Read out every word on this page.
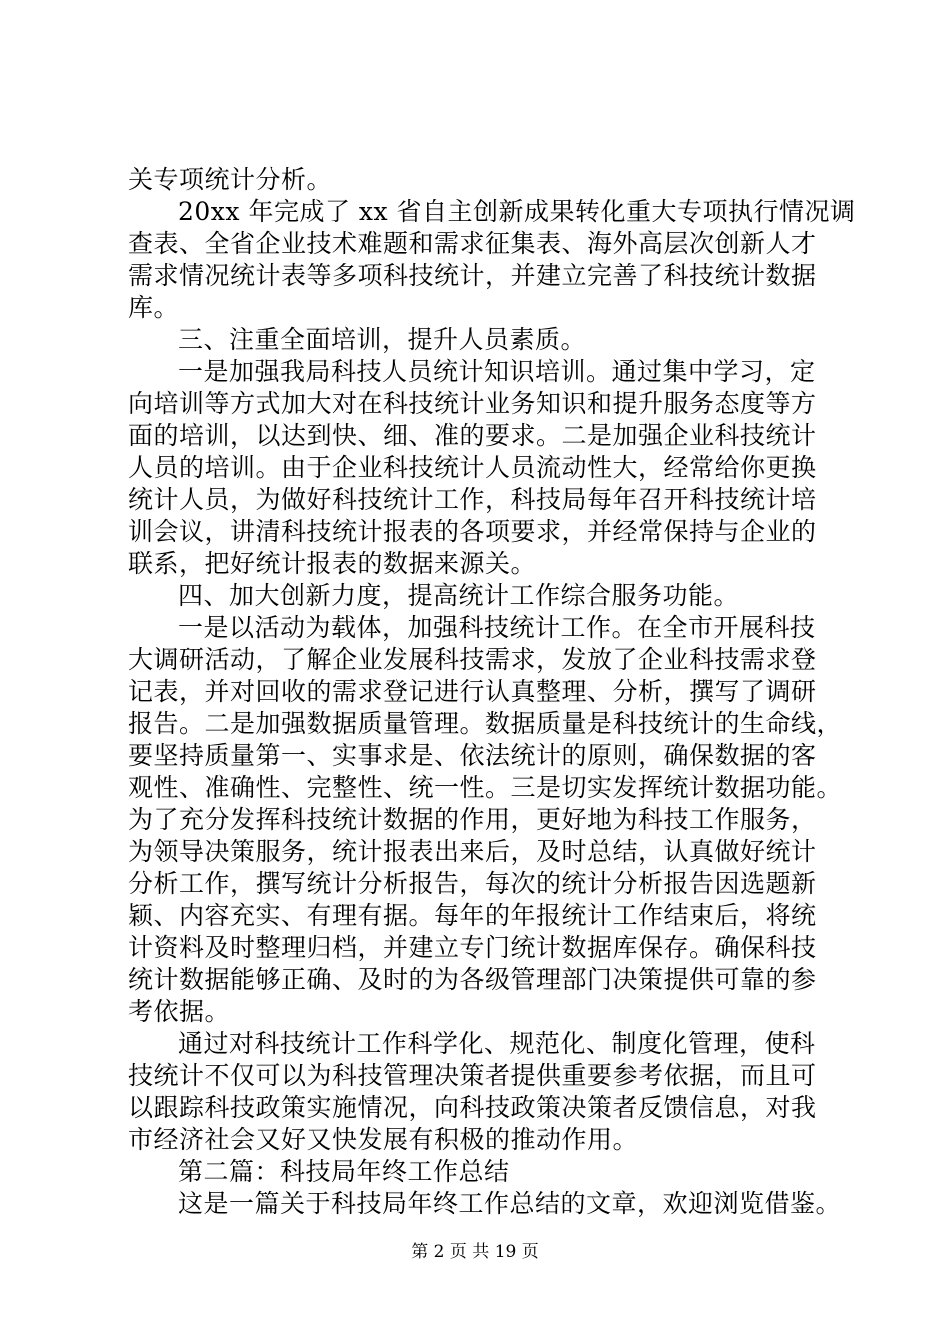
关专项统计分析。
20xx 年完成了 xx 省自主创新成果转化重大专项执行情况调
查表、全省企业技术难题和需求征集表、海外高层次创新人才
需求情况统计表等多项科技统计，并建立完善了科技统计数据
库。
三、注重全面培训，提升人员素质。
一是加强我局科技人员统计知识培训。通过集中学习，定
向培训等方式加大对在科技统计业务知识和提升服务态度等方
面的培训，以达到快、细、准的要求。二是加强企业科技统计
人员的培训。由于企业科技统计人员流动性大，经常给你更换
统计人员，为做好科技统计工作，科技局每年召开科技统计培
训会议，讲清科技统计报表的各项要求，并经常保持与企业的
联系，把好统计报表的数据来源关。
四、加大创新力度，提高统计工作综合服务功能。
一是以活动为载体，加强科技统计工作。在全市开展科技
大调研活动，了解企业发展科技需求，发放了企业科技需求登
记表，并对回收的需求登记进行认真整理、分析，撰写了调研
报告。二是加强数据质量管理。数据质量是科技统计的生命线，
要坚持质量第一、实事求是、依法统计的原则，确保数据的客
观性、准确性、完整性、统一性。三是切实发挥统计数据功能。
为了充分发挥科技统计数据的作用，更好地为科技工作服务，
为领导决策服务，统计报表出来后，及时总结，认真做好统计
分析工作，撰写统计分析报告，每次的统计分析报告因选题新
颖、内容充实、有理有据。每年的年报统计工作结束后，将统
计资料及时整理归档，并建立专门统计数据库保存。确保科技
统计数据能够正确、及时的为各级管理部门决策提供可靠的参
考依据。
通过对科技统计工作科学化、规范化、制度化管理，使科
技统计不仅可以为科技管理决策者提供重要参考依据，而且可
以跟踪科技政策实施情况，向科技政策决策者反馈信息，对我
市经济社会又好又快发展有积极的推动作用。
第二篇：科技局年终工作总结
这是一篇关于科技局年终工作总结的文章，欢迎浏览借鉴。
第 2 页 共 19 页
